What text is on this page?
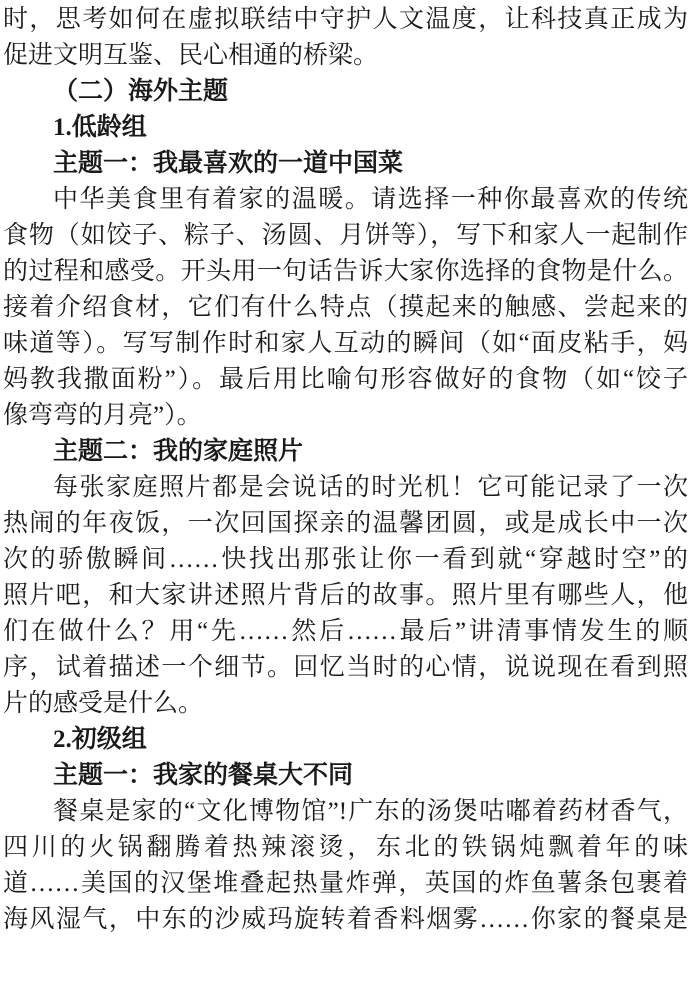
时，思考如何在虚拟联结中守护人文温度，让科技真正成为
促进文明互鉴、民心相通的桥梁。
（二）海外主题
1.低龄组
主题一：我最喜欢的一道中国菜
中华美食里有着家的温暖。请选择一种你最喜欢的传统
食物（如饺子、粽子、汤圆、月饼等），写下和家人一起制作
的过程和感受。开头用一句话告诉大家你选择的食物是什么。
接着介绍食材，它们有什么特点（摸起来的触感、尝起来的
味道等）。写写制作时和家人互动的瞬间（如“面皮粘手，妈
妈教我撒面粉”）。最后用比喻句形容做好的食物（如“饺子
像弯弯的月亮”）。
主题二：我的家庭照片
每张家庭照片都是会说话的时光机！它可能记录了一次
热闹的年夜饭，一次回国探亲的温馨团圆，或是成长中一次
次的骄傲瞬间……快找出那张让你一看到就“穿越时空”的
照片吧，和大家讲述照片背后的故事。照片里有哪些人，他
们在做什么？用“先……然后……最后”讲清事情发生的顺
序，试着描述一个细节。回忆当时的心情，说说现在看到照
片的感受是什么。
2.初级组
主题一：我家的餐桌大不同
餐桌是家的“文化博物馆”!广东的汤煲咕嘟着药材香气，
四川的火锅翻腾着热辣滚烫，东北的铁锅炖飘着年的味
道……美国的汉堡堆叠起热量炸弹，英国的炸鱼薯条包裹着
海风湿气，中东的沙威玛旋转着香料烟雾……你家的餐桌是
